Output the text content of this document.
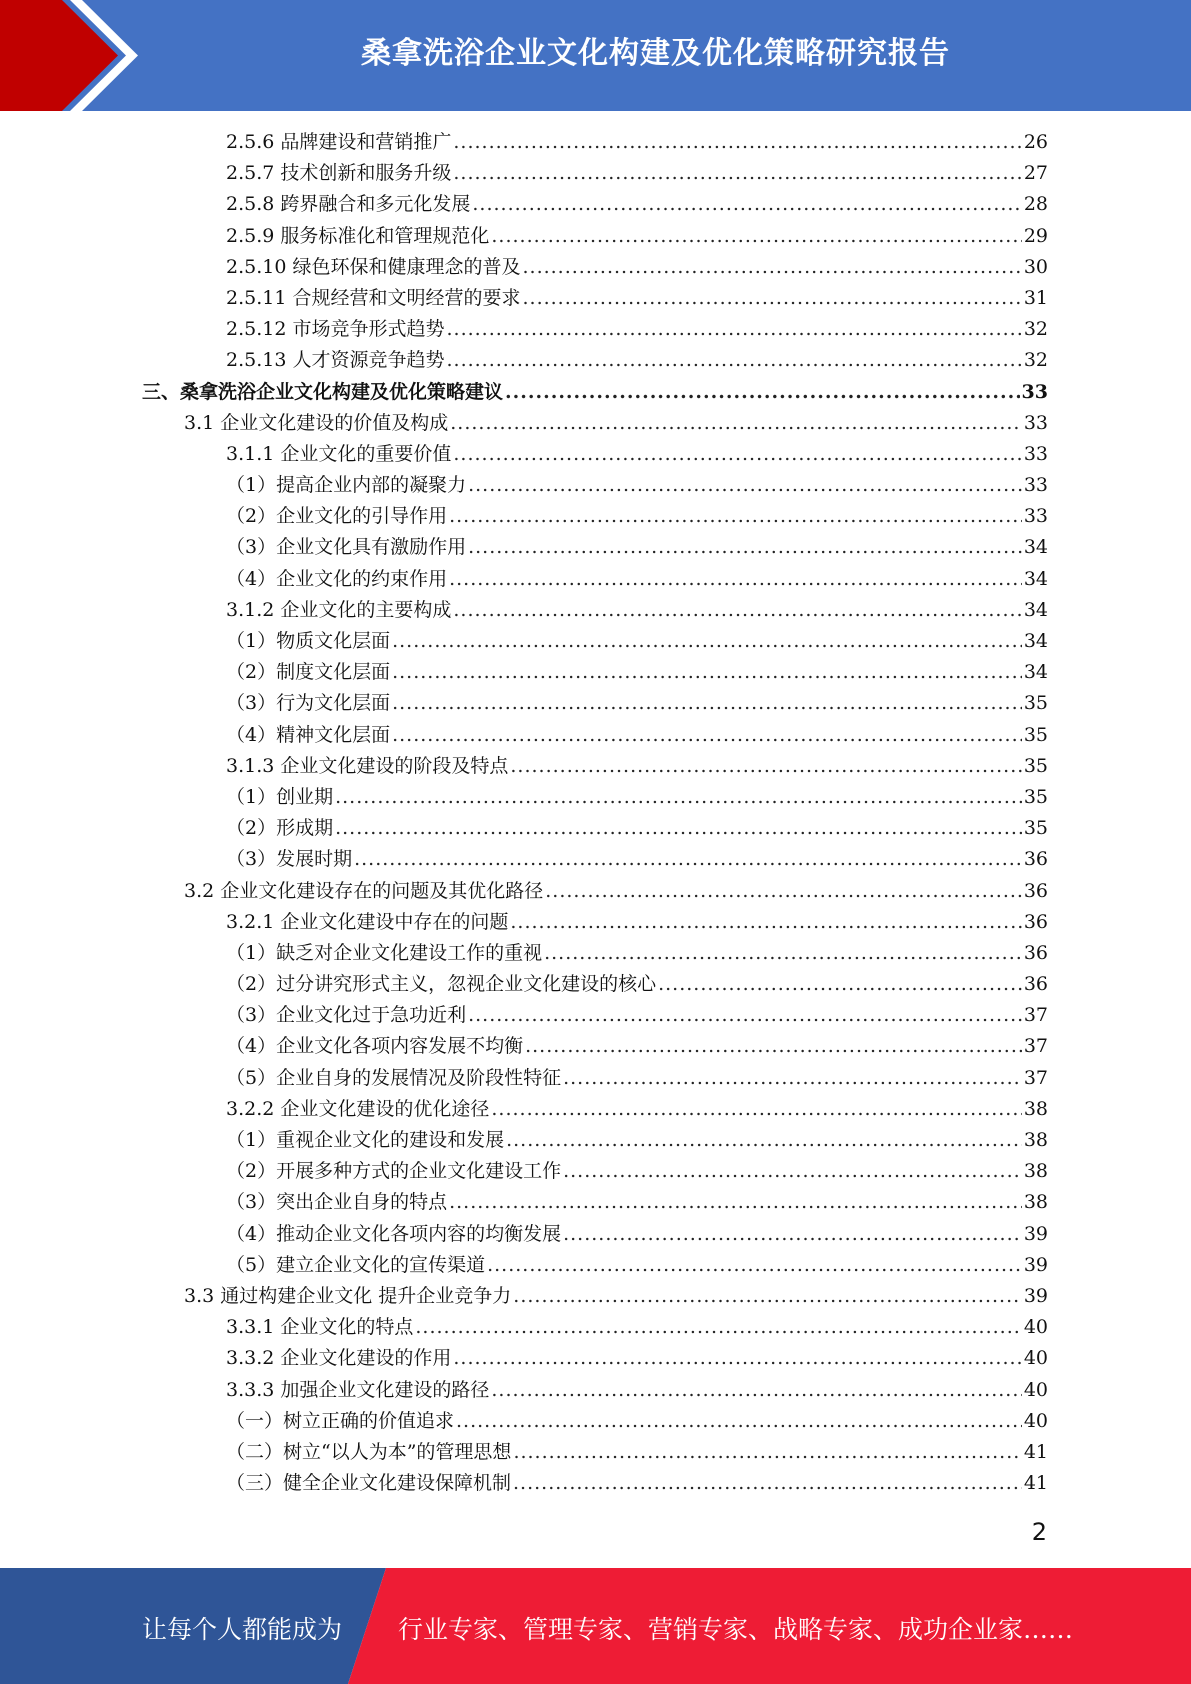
桑拿洗浴企业文化构建及优化策略研究报告
2.5.6 品牌建设和营销推广 .....	26
2.5.7 技术创新和服务升级 .....	27
2.5.8 跨界融合和多元化发展 .....	28
2.5.9 服务标准化和管理规范化 .....	29
2.5.10 绿色环保和健康理念的普及 .....	30
2.5.11 合规经营和文明经营的要求 .....	31
2.5.12 市场竞争形式趋势 .....	32
2.5.13 人才资源竞争趋势 .....	32
三、桑拿洗浴企业文化构建及优化策略建议 .....	33
3.1 企业文化建设的价值及构成 .....	33
3.1.1 企业文化的重要价值 .....	33
（1）提高企业内部的凝聚力 .....	33
（2）企业文化的引导作用 .....	33
（3）企业文化具有激励作用 .....	34
（4）企业文化的约束作用 .....	34
3.1.2 企业文化的主要构成 .....	34
（1）物质文化层面 .....	34
（2）制度文化层面 .....	34
（3）行为文化层面 .....	35
（4）精神文化层面 .....	35
3.1.3 企业文化建设的阶段及特点 .....	35
（1）创业期 .....	35
（2）形成期 .....	35
（3）发展时期 .....	36
3.2 企业文化建设存在的问题及其优化路径 .....	36
3.2.1 企业文化建设中存在的问题 .....	36
（1）缺乏对企业文化建设工作的重视 .....	36
（2）过分讲究形式主义，忽视企业文化建设的核心 .....	36
（3）企业文化过于急功近利 .....	37
（4）企业文化各项内容发展不均衡 .....	37
（5）企业自身的发展情况及阶段性特征 .....	37
3.2.2 企业文化建设的优化途径 .....	38
（1）重视企业文化的建设和发展 .....	38
（2）开展多种方式的企业文化建设工作 .....	38
（3）突出企业自身的特点 .....	38
（4）推动企业文化各项内容的均衡发展 .....	39
（5）建立企业文化的宣传渠道 .....	39
3.3 通过构建企业文化 提升企业竞争力 .....	39
3.3.1 企业文化的特点 .....	40
3.3.2 企业文化建设的作用 .....	40
3.3.3 加强企业文化建设的路径 .....	40
（一）树立正确的价值追求 .....	40
（二）树立“以人为本”的管理思想 .....	41
（三）健全企业文化建设保障机制 .....	41
2
让每个人都能成为 行业专家、管理专家、营销专家、战略专家、成功企业家……
